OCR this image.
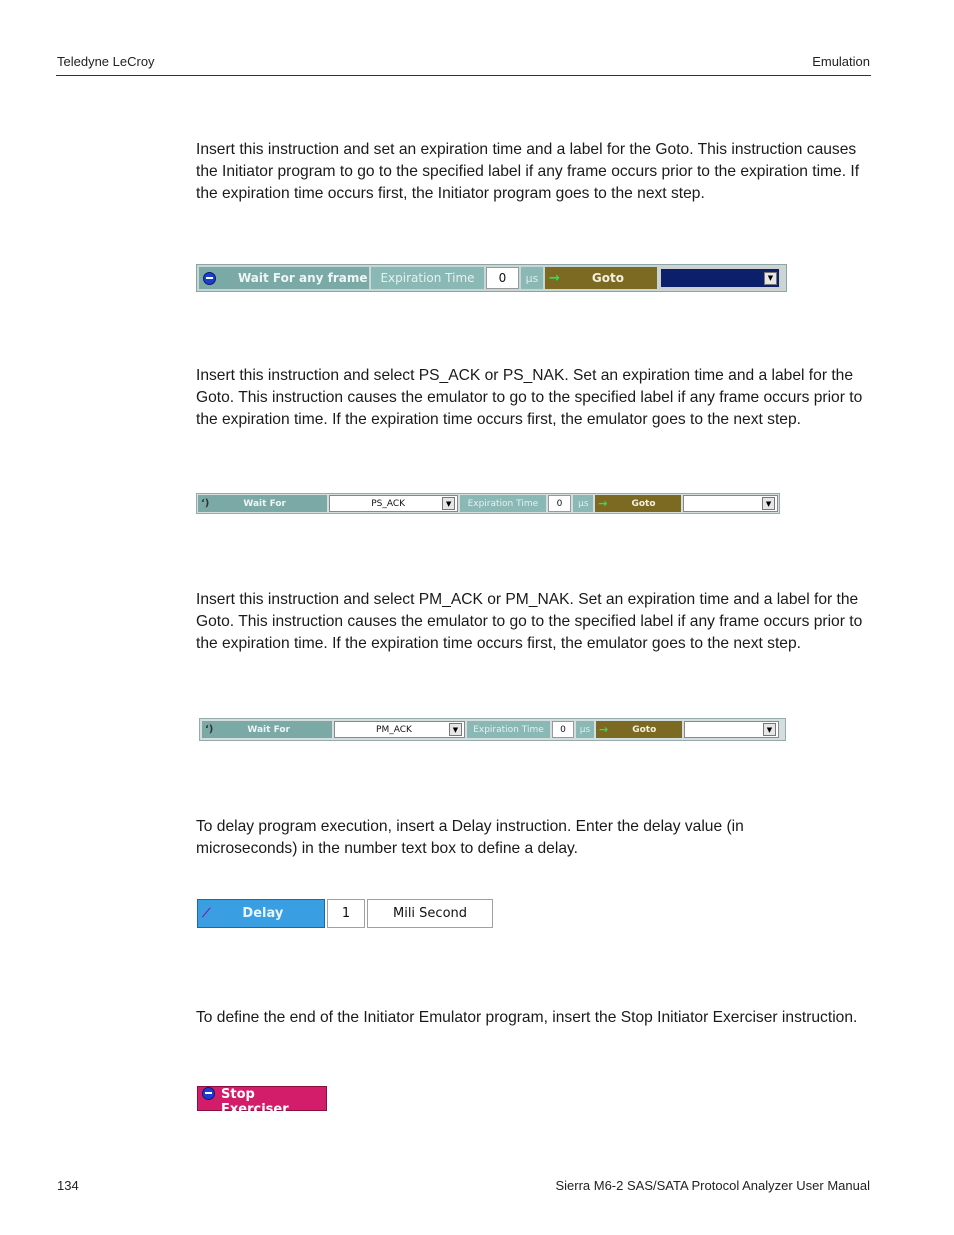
Teledyne LeCroy	Emulation

Insert this instruction and set an expiration time and a label for the Goto. This instruction causes the Initiator program to go to the specified label if any frame occurs prior to the expiration time. If the expiration time occurs first, the Initiator program goes to the next step.

Wait For any frame	Expiration Time	0	µs →	Goto	▼

Insert this instruction and select PS_ACK or PS_NAK. Set an expiration time and a label for the Goto. This instruction causes the emulator to go to the specified label if any frame occurs prior to the expiration time. If the expiration time occurs first, the emulator goes to the next step.

ʻ)	Wait For	PS_ACK	▼	Expiration Time	0	µs →	Goto	▼

Insert this instruction and select PM_ACK or PM_NAK. Set an expiration time and a label for the Goto. This instruction causes the emulator to go to the specified label if any frame occurs prior to the expiration time. If the expiration time occurs first, the emulator goes to the next step.

ʻ)	Wait For	PM_ACK	▼	Expiration Time	0	µs →	Goto	▼

To delay program execution, insert a Delay instruction. Enter the delay value (in microseconds) in the number text box to define a delay.

⟋ Delay	1	Mili Second

To define the end of the Initiator Emulator program, insert the Stop Initiator Exerciser instruction.

Stop Exerciser
134	Sierra M6-2 SAS/SATA Protocol Analyzer User Manual
